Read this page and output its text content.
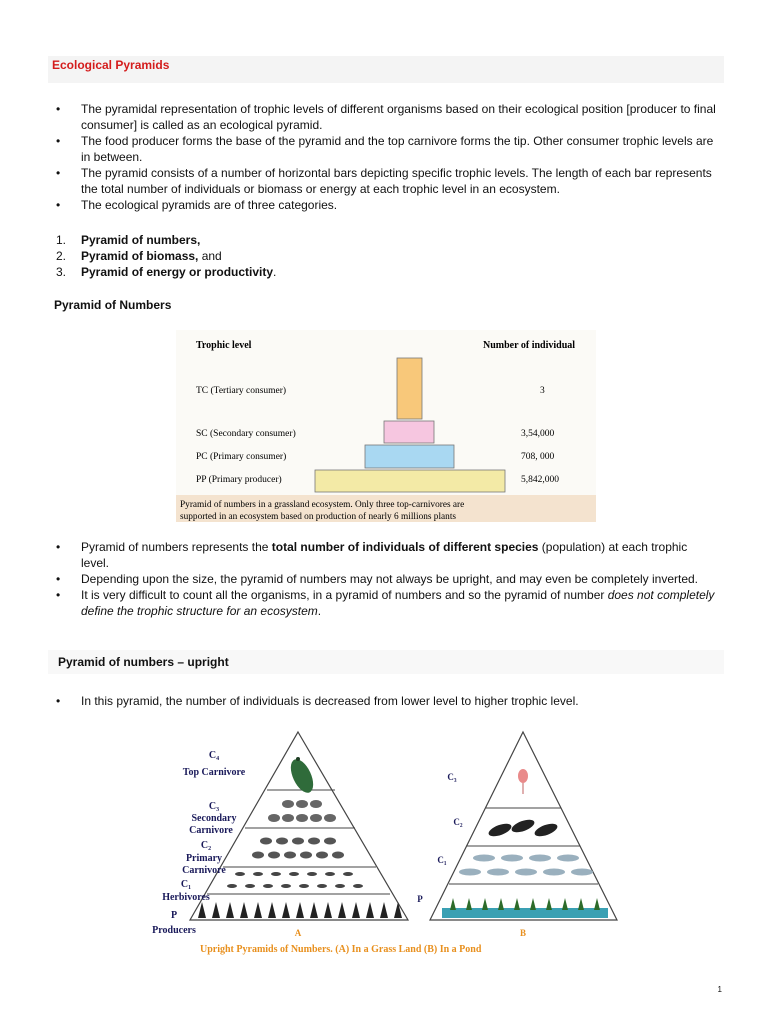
Ecological Pyramids
• The pyramidal representation of trophic levels of different organisms based on their ecological position [producer to final consumer] is called as an ecological pyramid.
• The food producer forms the base of the pyramid and the top carnivore forms the tip. Other consumer trophic levels are in between.
• The pyramid consists of a number of horizontal bars depicting specific trophic levels. The length of each bar represents the total number of individuals or biomass or energy at each trophic level in an ecosystem.
• The ecological pyramids are of three categories.
1. Pyramid of numbers,
2. Pyramid of biomass, and
3. Pyramid of energy or productivity.
Pyramid of Numbers
Trophic level	Number of individual
TC (Tertiary consumer)
SC (Secondary consumer)
PC (Primary consumer)
PP (Primary producer)
3
3,54,000
708, 000
5,842,000
Pyramid of numbers in a grassland ecosystem. Only three top-carnivores are
supported in an ecosystem based on production of nearly 6 millions plants
• Pyramid of numbers represents the total number of individuals of different species (population) at each trophic level.
• Depending upon the size, the pyramid of numbers may not always be upright, and may even be completely inverted.
• It is very difficult to count all the organisms, in a pyramid of numbers and so the pyramid of number does not completely define the trophic structure for an ecosystem.
Pyramid of numbers – upright
• In this pyramid, the number of individuals is decreased from lower level to higher trophic level.
C₄
Top Carnivore
C₃
Secondary
Carnivore
C₂
Primary
Carnivore
C₁
Herbivores
P
Producers	A
C₃
C₂
C₁
P
B
Upright Pyramids of Numbers. (A) In a Grass Land (B) In a Pond
1
